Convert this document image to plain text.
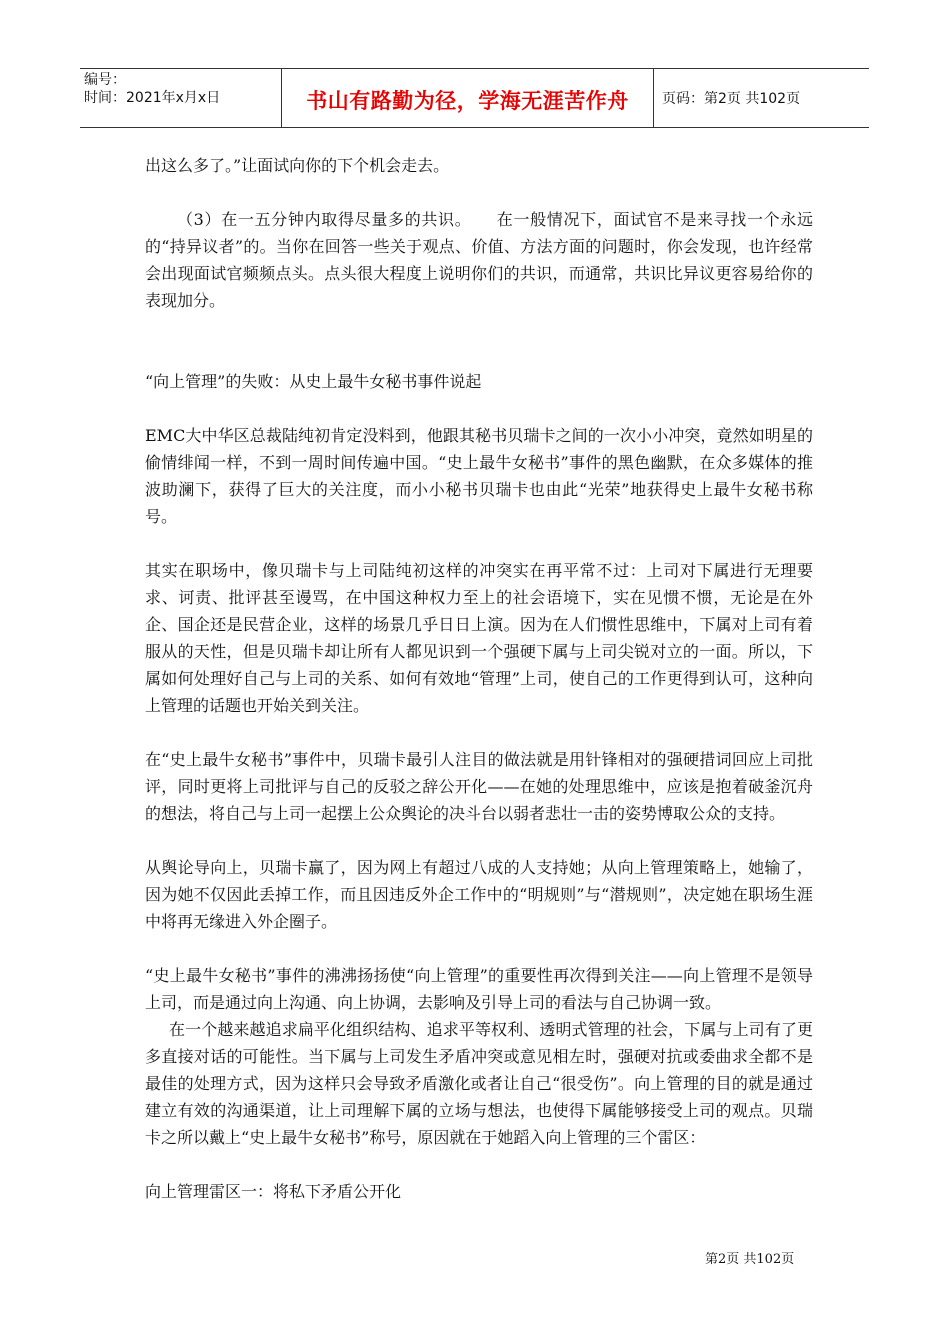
编号：
时间：2021年x月x日	书山有路勤为径，学海无涯苦作舟 页码：第2页 共102页

出这么多了。”让面试向你的下个机会走去。

（3）在一五分钟内取得尽量多的共识。　　在一般情况下，面试官不是来寻找一个永远的“持异议者”的。当你在回答一些关于观点、价值、方法方面的问题时，你会发现，也许经常会出现面试官频频点头。点头很大程度上说明你们的共识，而通常，共识比异议更容易给你的表现加分。

“向上管理”的失败：从史上最牛女秘书事件说起

EMC大中华区总裁陆纯初肯定没料到，他跟其秘书贝瑞卡之间的一次小小冲突，竟然如明星的偷情绯闻一样，不到一周时间传遍中国。“史上最牛女秘书”事件的黑色幽默，在众多媒体的推波助澜下，获得了巨大的关注度，而小小秘书贝瑞卡也由此“光荣”地获得史上最牛女秘书称号。

其实在职场中，像贝瑞卡与上司陆纯初这样的冲突实在再平常不过：上司对下属进行无理要求、诃责、批评甚至谩骂，在中国这种权力至上的社会语境下，实在见惯不惯，无论是在外企、国企还是民营企业，这样的场景几乎日日上演。因为在人们惯性思维中，下属对上司有着服从的天性，但是贝瑞卡却让所有人都见识到一个强硬下属与上司尖锐对立的一面。所以，下属如何处理好自己与上司的关系、如何有效地“管理”上司，使自己的工作更得到认可，这种向上管理的话题也开始关到关注。

在“史上最牛女秘书”事件中，贝瑞卡最引人注目的做法就是用针锋相对的强硬措词回应上司批评，同时更将上司批评与自己的反驳之辞公开化——在她的处理思维中，应该是抱着破釜沉舟的想法，将自己与上司一起摆上公众舆论的决斗台以弱者悲壮一击的姿势博取公众的支持。

从舆论导向上，贝瑞卡赢了，因为网上有超过八成的人支持她；从向上管理策略上，她输了，因为她不仅因此丢掉工作，而且因违反外企工作中的“明规则”与“潜规则”，决定她在职场生涯中将再无缘进入外企圈子。

“史上最牛女秘书”事件的沸沸扬扬使“向上管理”的重要性再次得到关注——向上管理不是领导上司，而是通过向上沟通、向上协调，去影响及引导上司的看法与自己协调一致。

在一个越来越追求扁平化组织结构、追求平等权利、透明式管理的社会，下属与上司有了更多直接对话的可能性。当下属与上司发生矛盾冲突或意见相左时，强硬对抗或委曲求全都不是最佳的处理方式，因为这样只会导致矛盾激化或者让自己“很受伤”。向上管理的目的就是通过建立有效的沟通渠道，让上司理解下属的立场与想法，也使得下属能够接受上司的观点。贝瑞卡之所以戴上“史上最牛女秘书”称号，原因就在于她蹈入向上管理的三个雷区：

向上管理雷区一：将私下矛盾公开化

第2页 共102页
